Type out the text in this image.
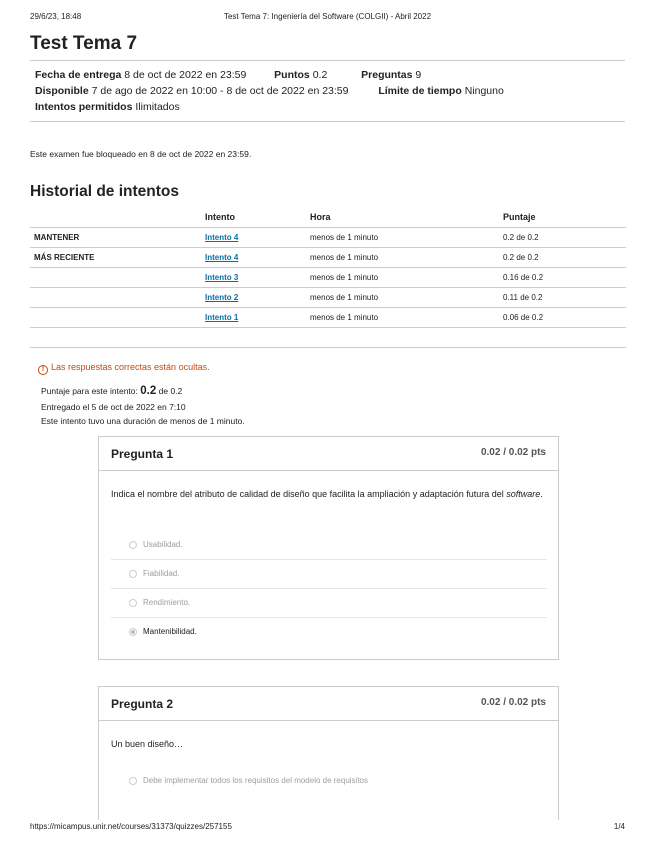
29/6/23, 18:48	Test Tema 7: Ingeniería del Software (COLGII) - Abril 2022
Test Tema 7
Fecha de entrega 8 de oct de 2022 en 23:59	Puntos 0.2	Preguntas 9
Disponible 7 de ago de 2022 en 10:00 - 8 de oct de 2022 en 23:59	Límite de tiempo Ninguno
Intentos permitidos Ilimitados

Este examen fue bloqueado en 8 de oct de 2022 en 23:59.

Historial de intentos
	Intento	Hora	Puntaje
MANTENER	Intento 4	menos de 1 minuto	0.2 de 0.2
MÁS RECIENTE	Intento 4	menos de 1 minuto	0.2 de 0.2
	Intento 3	menos de 1 minuto	0.16 de 0.2
	Intento 2	menos de 1 minuto	0.11 de 0.2
	Intento 1	menos de 1 minuto	0.06 de 0.2

! Las respuestas correctas están ocultas.
Puntaje para este intento: 0.2 de 0.2
Entregado el 5 de oct de 2022 en 7:10
Este intento tuvo una duración de menos de 1 minuto.
Pregunta 1	0.02 / 0.02 pts
Indica el nombre del atributo de calidad de diseño que facilita la ampliación y adaptación futura del software.
Usabilidad.
Fiabilidad.
Rendimiento.
Mantenibilidad.
Pregunta 2	0.02 / 0.02 pts
Un buen diseño…
Debe implementar todos los requisitos del modelo de requisitos
https://micampus.unir.net/courses/31373/quizzes/257155	1/4
